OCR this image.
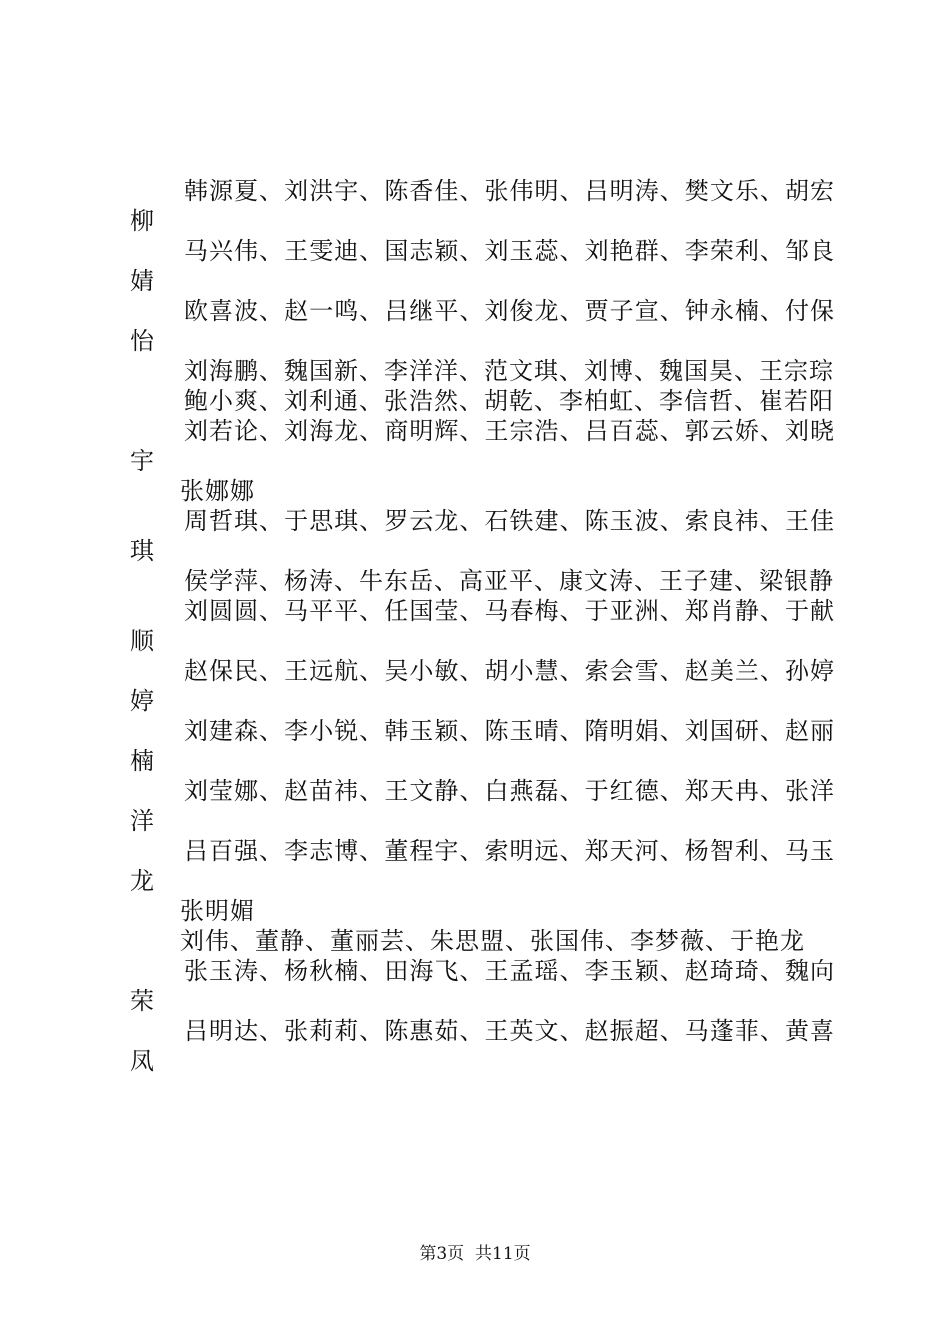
韩源夏、刘洪宇、陈香佳、张伟明、吕明涛、樊文乐、胡宏柳

马兴伟、王雯迪、国志颖、刘玉蕊、刘艳群、李荣利、邹良婧

欧喜波、赵一鸣、吕继平、刘俊龙、贾子宣、钟永楠、付保怡

刘海鹏、魏国新、李洋洋、范文琪、刘博、魏国昊、王宗琮

鲍小爽、刘利通、张浩然、胡乾、李柏虹、李信哲、崔若阳

刘若论、刘海龙、商明辉、王宗浩、吕百蕊、郭云娇、刘晓宇

张娜娜

周哲琪、于思琪、罗云龙、石铁建、陈玉波、索良祎、王佳琪

侯学萍、杨涛、牛东岳、高亚平、康文涛、王子建、梁银静

刘圆圆、马平平、任国莹、马春梅、于亚洲、郑肖静、于献顺

赵保民、王远航、吴小敏、胡小慧、索会雪、赵美兰、孙婷婷

刘建森、李小锐、韩玉颖、陈玉晴、隋明娟、刘国研、赵丽楠

刘莹娜、赵苗祎、王文静、白燕磊、于红德、郑天冉、张洋洋

吕百强、李志博、董程宇、索明远、郑天河、杨智利、马玉龙

张明媚

刘伟、董静、董丽芸、朱思盟、张国伟、李梦薇、于艳龙

张玉涛、杨秋楠、田海飞、王孟瑶、李玉颖、赵琦琦、魏向荣

吕明达、张莉莉、陈惠茹、王英文、赵振超、马蓬菲、黄喜凤

第3页 共11页
